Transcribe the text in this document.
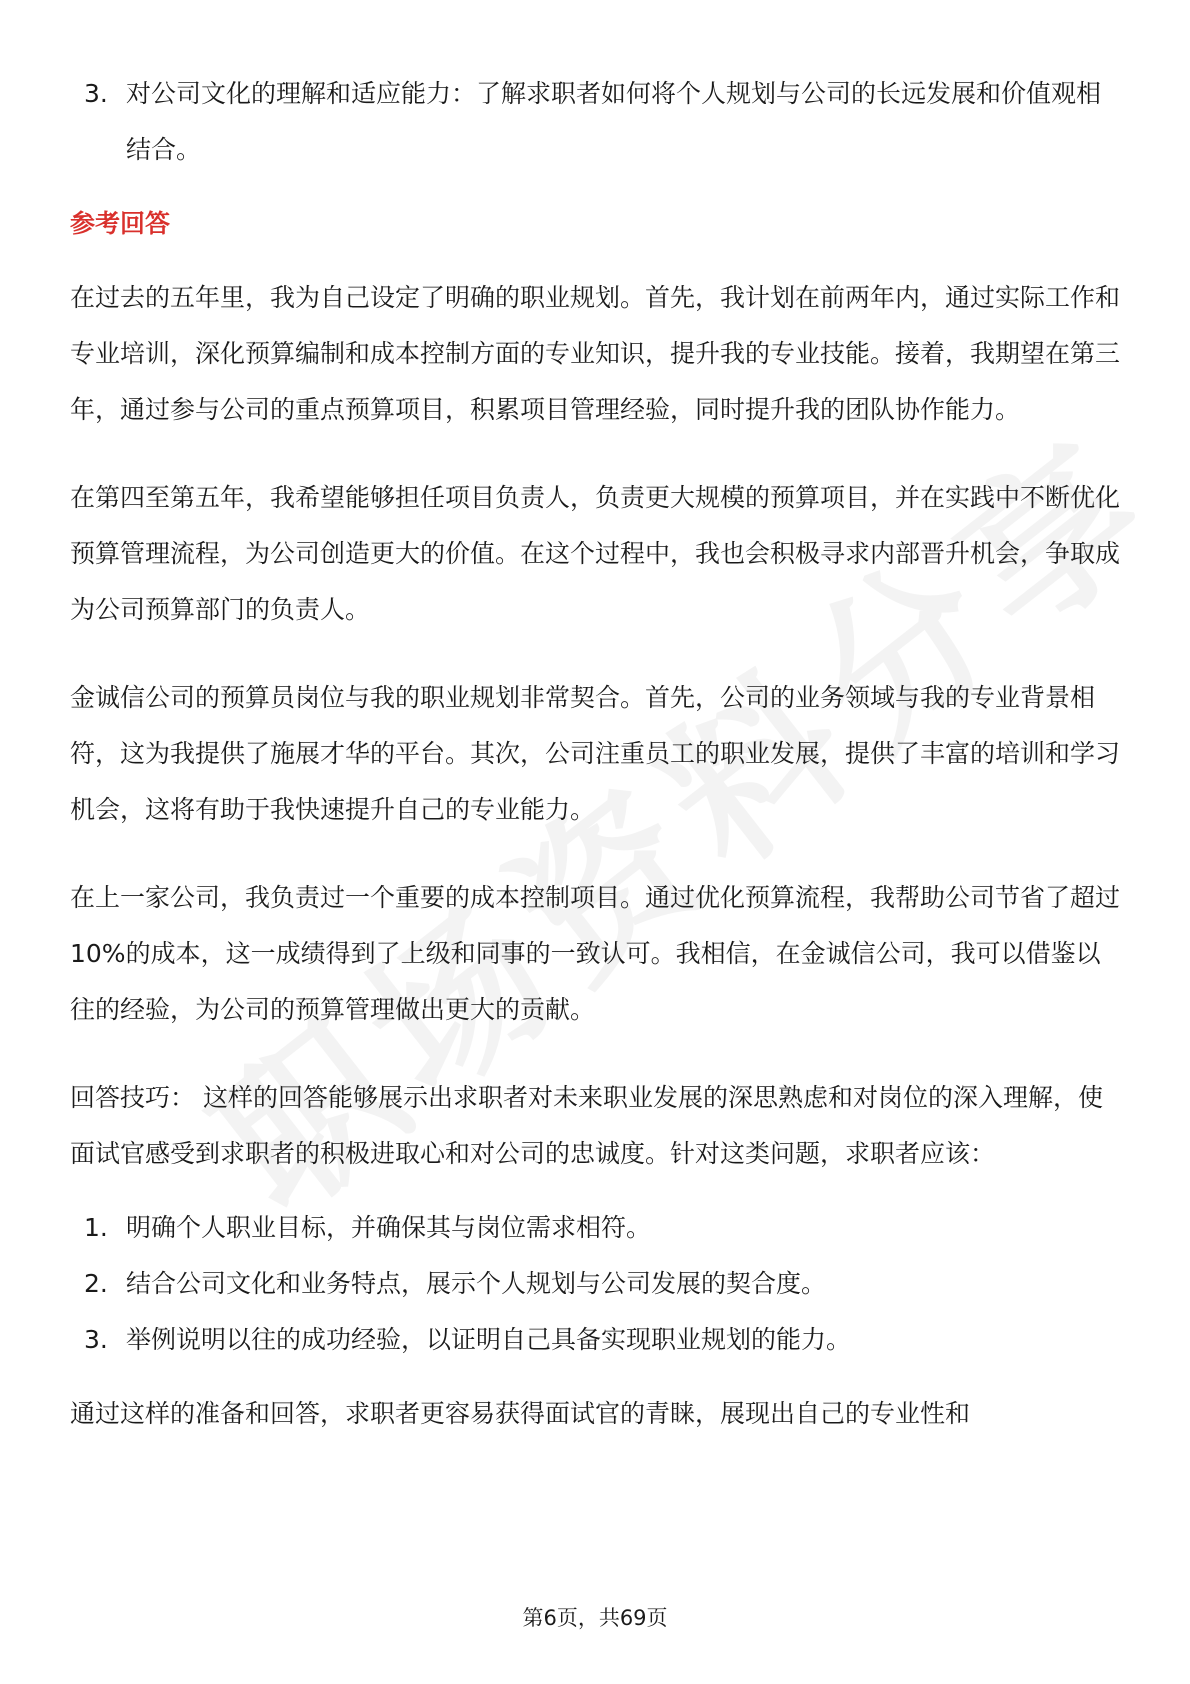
3. 对公司文化的理解和适应能力：了解求职者如何将个人规划与公司的长远发展和价值观相结合。
参考回答

在过去的五年里，我为自己设定了明确的职业规划。首先，我计划在前两年内，通过实际工作和专业培训，深化预算编制和成本控制方面的专业知识，提升我的专业技能。接着，我期望在第三年，通过参与公司的重点预算项目，积累项目管理经验，同时提升我的团队协作能力。

在第四至第五年，我希望能够担任项目负责人，负责更大规模的预算项目，并在实践中不断优化预算管理流程，为公司创造更大的价值。在这个过程中，我也会积极寻求内部晋升机会，争取成为公司预算部门的负责人。

金诚信公司的预算员岗位与我的职业规划非常契合。首先，公司的业务领域与我的专业背景相符，这为我提供了施展才华的平台。其次，公司注重员工的职业发展，提供了丰富的培训和学习机会，这将有助于我快速提升自己的专业能力。

在上一家公司，我负责过一个重要的成本控制项目。通过优化预算流程，我帮助公司节省了超过10%的成本，这一成绩得到了上级和同事的一致认可。我相信，在金诚信公司，我可以借鉴以往的经验，为公司的预算管理做出更大的贡献。

回答技巧： 这样的回答能够展示出求职者对未来职业发展的深思熟虑和对岗位的深入理解，使面试官感受到求职者的积极进取心和对公司的忠诚度。针对这类问题，求职者应该：

1. 明确个人职业目标，并确保其与岗位需求相符。
2. 结合公司文化和业务特点，展示个人规划与公司发展的契合度。
3. 举例说明以往的成功经验，以证明自己具备实现职业规划的能力。

通过这样的准备和回答，求职者更容易获得面试官的青睐，展现出自己的专业性和

第6页，共69页
